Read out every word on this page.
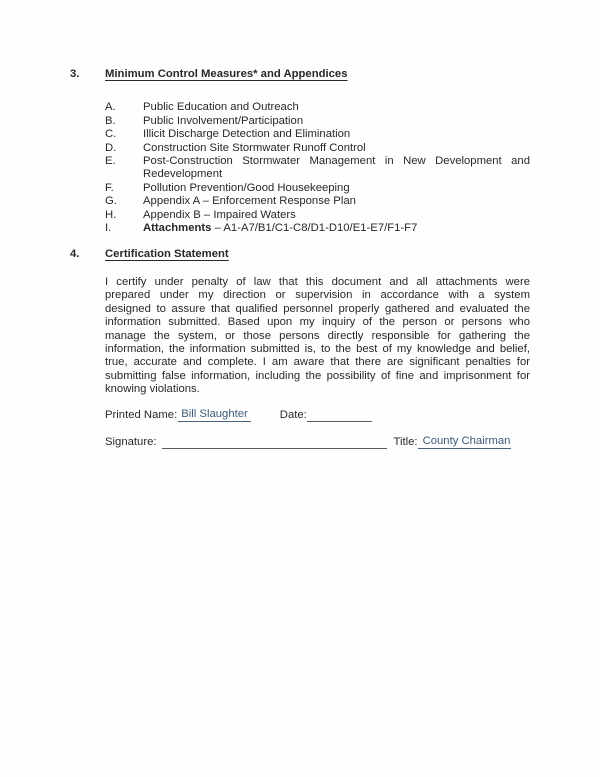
3.	Minimum Control Measures* and Appendices
A.	Public Education and Outreach
B.	Public Involvement/Participation
C.	Illicit Discharge Detection and Elimination
D.	Construction Site Stormwater Runoff Control
E.	Post-Construction Stormwater Management in New Development and
Redevelopment
F.	Pollution Prevention/Good Housekeeping
G.	Appendix A – Enforcement Response Plan
H.	Appendix B – Impaired Waters
I.	Attachments – A1-A7/B1/C1-C8/D1-D10/E1-E7/F1-F7
4.	Certification Statement
I certify under penalty of law that this document and all attachments were
prepared under my direction or supervision in accordance with a system
designed to assure that qualified personnel properly gathered and evaluated the
information submitted. Based upon my inquiry of the person or persons who
manage the system, or those persons directly responsible for gathering the
information, the information submitted is, to the best of my knowledge and belief,
true, accurate and complete. I am aware that there are significant penalties for
submitting false information, including the possibility of fine and imprisonment for
knowing violations.
Printed Name: Bill Slaughter	Date:
Signature:	Title: County Chairman
